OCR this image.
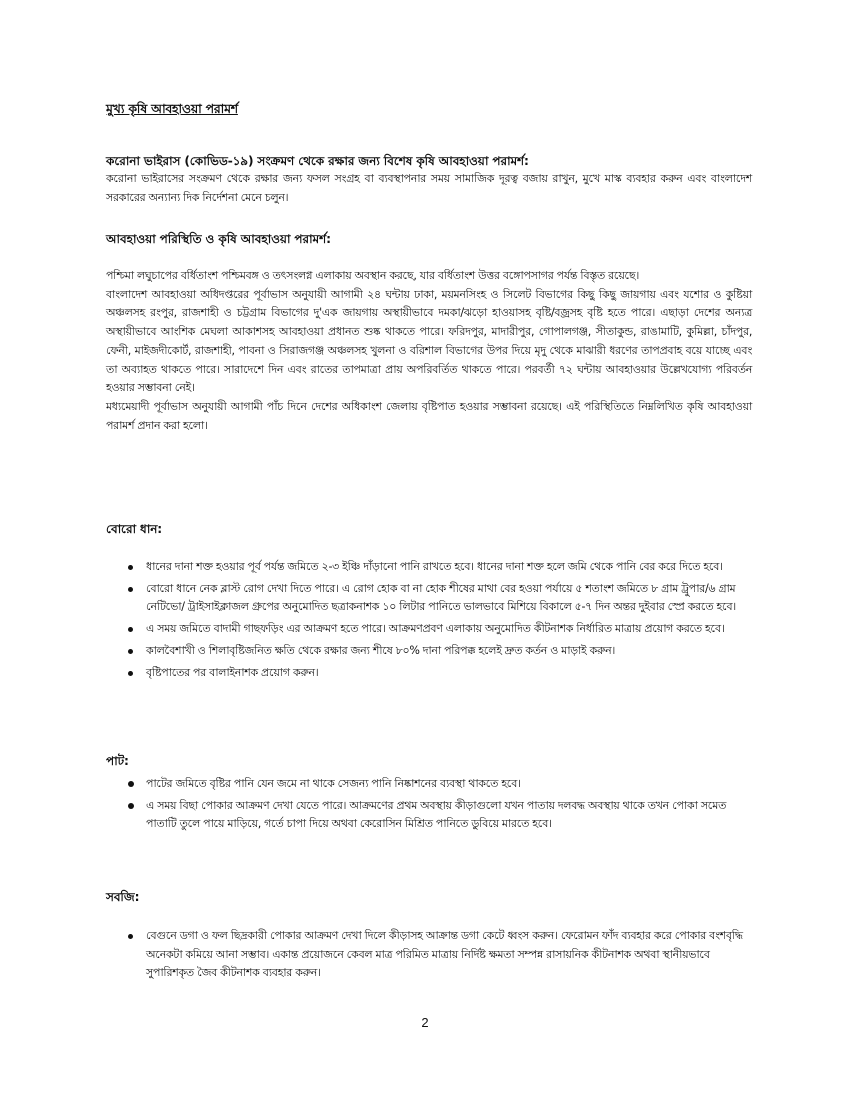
মুখ্য কৃষি আবহাওয়া পরামর্শ
করোনা ভাইরাস (কোভিড-১৯) সংক্রমণ থেকে রক্ষার জন্য বিশেষ কৃষি আবহাওয়া পরামর্শ:

করোনা ভাইরাসের সংক্রমণ থেকে রক্ষার জন্য ফসল সংগ্রহ বা ব্যবস্থাপনার সময় সামাজিক দূরত্ব বজায় রাখুন, মুখে মাস্ক ব্যবহার করুন এবং বাংলাদেশ সরকারের অন্যান্য দিক নির্দেশনা মেনে চলুন।

আবহাওয়া পরিস্থিতি ও কৃষি আবহাওয়া পরামর্শ:

পশ্চিমা লঘুচাপের বর্ধিতাংশ পশ্চিমবঙ্গ ও তৎসংলগ্ন এলাকায় অবস্থান করছে, যার বর্ধিতাংশ উত্তর বঙ্গোপসাগর পর্যন্ত বিস্তৃত রয়েছে।

বাংলাদেশ আবহাওয়া অধিদপ্তরের পূর্বাভাস অনুযায়ী আগামী ২৪ ঘন্টায় ঢাকা, ময়মনসিংহ ও সিলেট বিভাগের কিছু কিছু জায়গায় এবং যশোর ও কুষ্টিয়া অঞ্চলসহ রংপুর, রাজশাহী ও চট্টগ্রাম বিভাগের দু'এক জায়গায় অস্থায়ীভাবে দমকা/ঝড়ো হাওয়াসহ বৃষ্টি/বজ্রসহ বৃষ্টি হতে পারে। এছাড়া দেশের অন্যত্র অস্থায়ীভাবে আংশিক মেঘলা আকাশসহ আবহাওয়া প্রধানত শুষ্ক থাকতে পারে। ফরিদপুর, মাদারীপুর, গোপালগঞ্জ, সীতাকুন্ড, রাঙামাটি, কুমিল্লা, চাঁদপুর, ফেনী, মাইজদীকোর্ট, রাজশাহী, পাবনা ও সিরাজগঞ্জ অঞ্চলসহ খুলনা ও বরিশাল বিভাগের উপর দিয়ে মৃদু থেকে মাঝারী ধরণের তাপপ্রবাহ বয়ে যাচ্ছে এবং তা অব্যাহত থাকতে পারে। সারাদেশে দিন এবং রাতের তাপমাত্রা প্রায় অপরিবর্তিত থাকতে পারে। পরবর্তী ৭২ ঘন্টায় আবহাওয়ার উল্লেখযোগ্য পরিবর্তন হওয়ার সম্ভাবনা নেই।

মধ্যমেয়াদী পূর্বাভাস অনুযায়ী আগামী পাঁচ দিনে দেশের অধিকাংশ জেলায় বৃষ্টিপাত হওয়ার সম্ভাবনা রয়েছে। এই পরিস্থিতিতে নিম্নলিখিত কৃষি আবহাওয়া পরামর্শ প্রদান করা হলো।

বোরো ধান:
ধানের দানা শক্ত হওয়ার পূর্ব পর্যন্ত জমিতে ২-৩ ইঞ্চি দাঁড়ানো পানি রাখতে হবে। ধানের দানা শক্ত হলে জমি থেকে পানি বের করে দিতে হবে।
বোরো ধানে নেক ব্লাস্ট রোগ দেখা দিতে পারে। এ রোগ হোক বা না হোক শীষের মাথা বের হওয়া পর্যায়ে ৫ শতাংশ জমিতে ৮ গ্রাম ট্রুপার/৬ গ্রাম নেটিভো/ ট্রাইসাইক্লাজল গ্রুপের অনুমোদিত ছত্রাকনাশক ১০ লিটার পানিতে ভালভাবে মিশিয়ে বিকালে ৫-৭ দিন অন্তর দুইবার স্প্রে করতে হবে।
এ সময় জমিতে বাদামী গাছফড়িং এর আক্রমণ হতে পারে। আক্রমণপ্রবণ এলাকায় অনুমোদিত কীটনাশক নির্ধারিত মাত্রায় প্রয়োগ করতে হবে।
কালবৈশাখী ও শিলাবৃষ্টিজনিত ক্ষতি থেকে রক্ষার জন্য শীষে ৮০% দানা পরিপক্ক হলেই দ্রুত কর্তন ও মাড়াই করুন।
বৃষ্টিপাতের পর বালাইনাশক প্রয়োগ করুন।
পাট:
পাটের জমিতে বৃষ্টির পানি যেন জমে না থাকে সেজন্য পানি নিষ্কাশনের ব্যবস্থা থাকতে হবে।
এ সময় বিছা পোকার আক্রমণ দেখা যেতে পারে। আক্রমণের প্রথম অবস্থায় কীড়াগুলো যখন পাতায় দলবদ্ধ অবস্থায় থাকে তখন পোকা সমেত পাতাটি তুলে পায়ে মাড়িয়ে, গর্তে চাপা দিয়ে অথবা কেরোসিন মিশ্রিত পানিতে ডুবিয়ে মারতে হবে।
সবজি:
বেগুনে ডগা ও ফল ছিদ্রকারী পোকার আক্রমণ দেখা দিলে কীড়াসহ আক্রান্ত ডগা কেটে ধ্বংস করুন। ফেরোমন ফাঁদ ব্যবহার করে পোকার বংশবৃদ্ধি অনেকটা কমিয়ে আনা সম্ভাব। একান্ত প্রয়োজনে কেবল মাত্র পরিমিত মাত্রায় নির্দিষ্ট ক্ষমতা সম্পন্ন রাসায়নিক কীটনাশক অথবা স্থানীয়ভাবে সুপারিশকৃত জৈব কীটনাশক ব্যবহার করুন।
2
